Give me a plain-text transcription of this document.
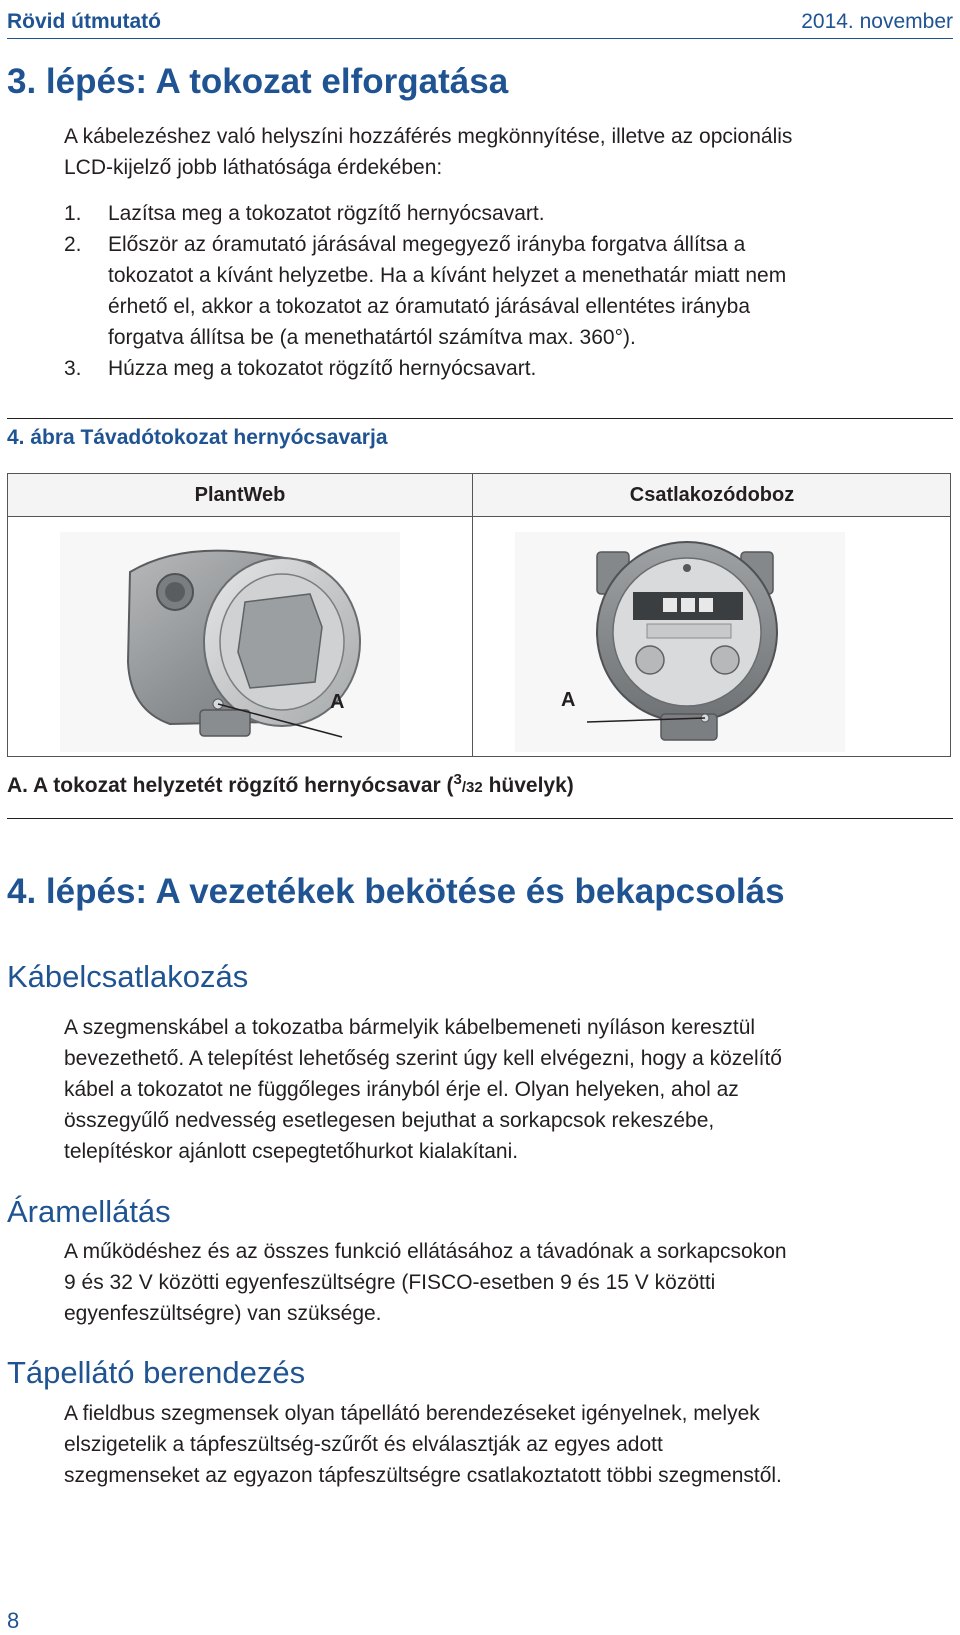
Rövid útmutató	2014. november
3. lépés: A tokozat elforgatása

A kábelezéshez való helyszíni hozzáférés megkönnyítése, illetve az opcionális

LCD-kijelző jobb láthatósága érdekében:

1. Lazítsa meg a tokozatot rögzítő hernyócsavart.
2. Először az óramutató járásával megegyező irányba forgatva állítsa a
tokozatot a kívánt helyzetbe. Ha a kívánt helyzet a menethatár miatt nem
érhető el, akkor a tokozatot az óramutató járásával ellentétes irányba
forgatva állítsa be (a menethatártól számítva max. 360°).
3. Húzza meg a tokozatot rögzítő hernyócsavart.
4. ábra Távadótokozat hernyócsavarja
PlantWeb	Csatlakozódoboz
A	A
A. A tokozat helyzetét rögzítő hernyócsavar ($^3$/32 hüvelyk)
4. lépés: A vezetékek bekötése és bekapcsolás
Kábelcsatlakozás

A szegmenskábel a tokozatba bármelyik kábelbemeneti nyíláson keresztül

bevezethető. A telepítést lehetőség szerint úgy kell elvégezni, hogy a közelítő

kábel a tokozatot ne függőleges irányból érje el. Olyan helyeken, ahol az

összegyűlő nedvesség esetlegesen bejuthat a sorkapcsok rekeszébe,

telepítéskor ajánlott csepegtetőhurkot kialakítani.

Áramellátás

A működéshez és az összes funkció ellátásához a távadónak a sorkapcsokon

9 és 32 V közötti egyenfeszültségre (FISCO-esetben 9 és 15 V közötti

egyenfeszültségre) van szüksége.

Tápellátó berendezés

A fieldbus szegmensek olyan tápellátó berendezéseket igényelnek, melyek

elszigetelik a tápfeszültség-szűrőt és elválasztják az egyes adott

szegmenseket az egyazon tápfeszültségre csatlakoztatott többi szegmenstől.

8
